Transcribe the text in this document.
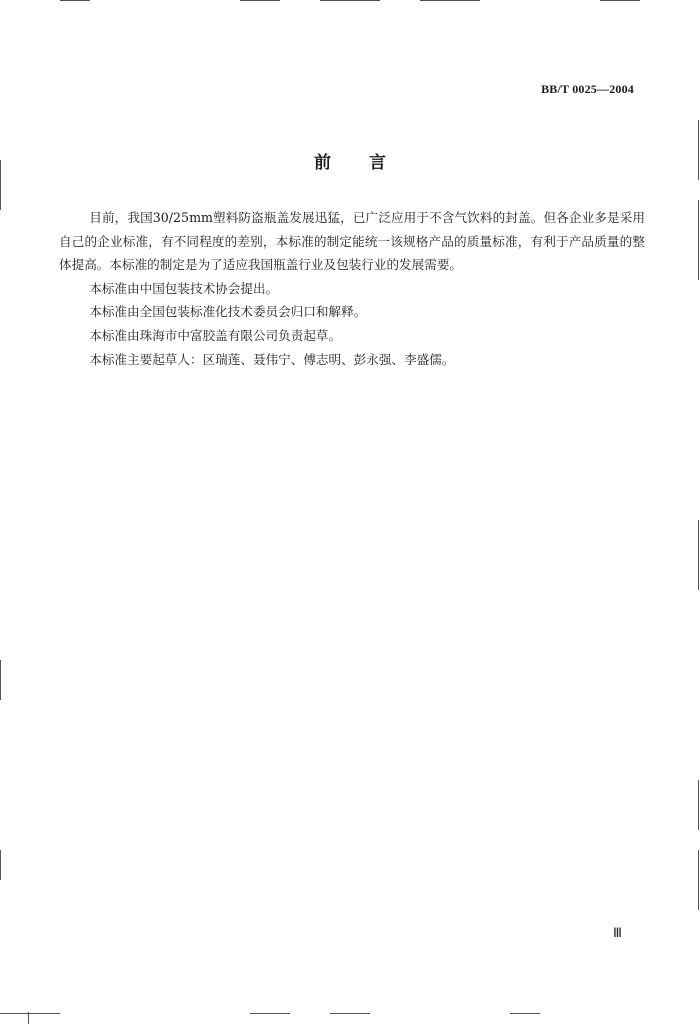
BB/T 0025—2004
前言

目前，我国30/25mm塑料防盗瓶盖发展迅猛，已广泛应用于不含气饮料的封盖。但各企业多是采用自己的企业标准，有不同程度的差别，本标准的制定能统一该规格产品的质量标准，有利于产品质量的整体提高。本标准的制定是为了适应我国瓶盖行业及包装行业的发展需要。

本标准由中国包装技术协会提出。

本标准由全国包装标准化技术委员会归口和解释。

本标准由珠海市中富胶盖有限公司负责起草。

本标准主要起草人：区瑞莲、聂伟宁、傅志明、彭永强、李盛儒。

Ⅲ
